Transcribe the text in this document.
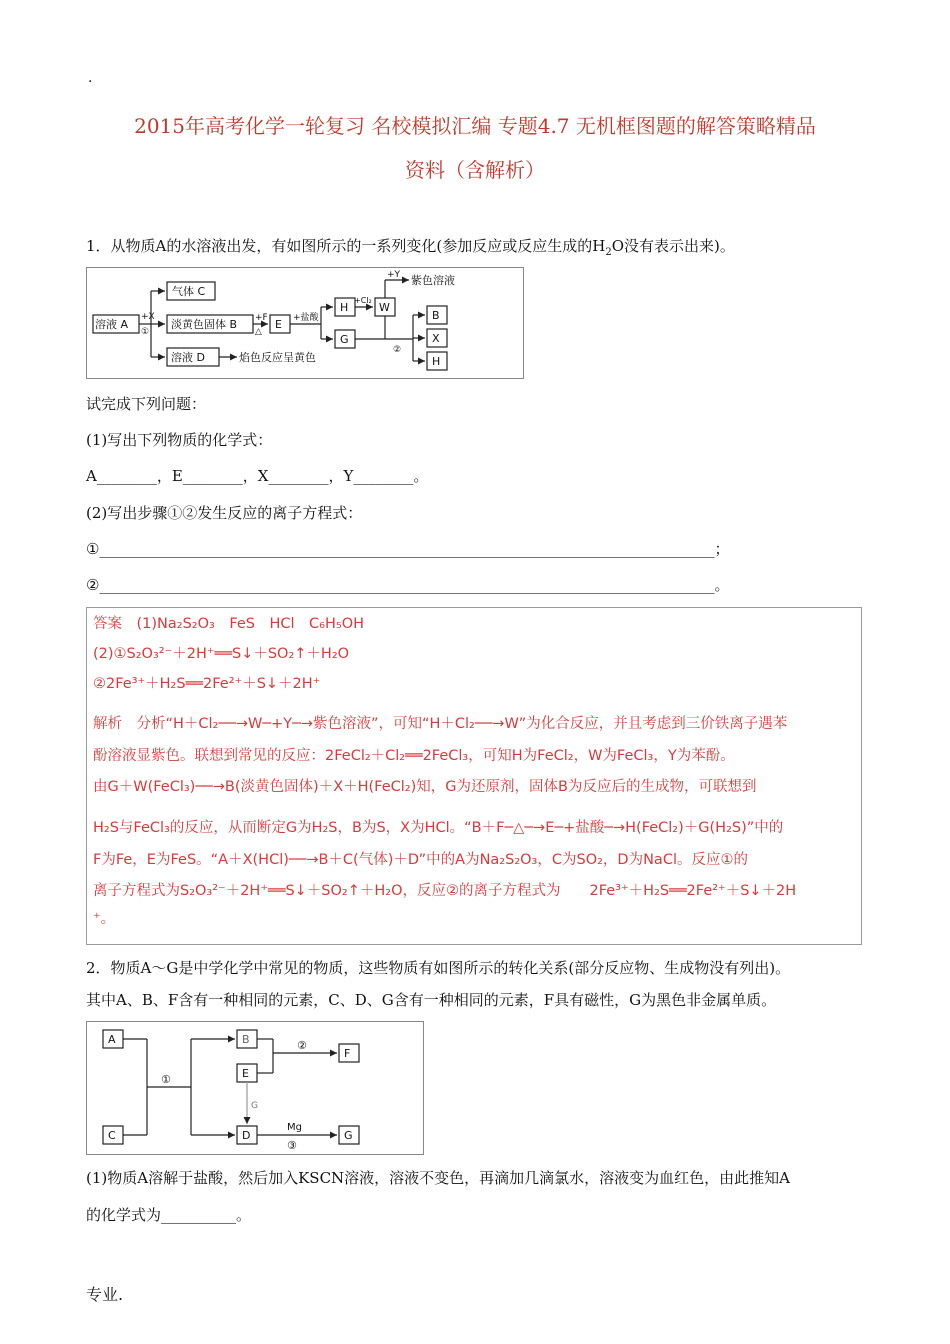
.
2015年高考化学一轮复习 名校模拟汇编 专题4.7 无机框图题的解答策略精品
资料（含解析）
1．从物质A的水溶液出发，有如图所示的一系列变化(参加反应或反应生成的$H_2O$没有表示出来)。
溶液 A
+X
①
气体 C
淡黄色固体 B
溶液 D	焰色反应呈黄色
+F
△
E +盐酸
H
+Cl₂
W
+Y 紫色溶液
G
②
B
X
H
试完成下列问题：
(1)写出下列物质的化学式：
A________，E________，X________，Y________。
(2)写出步骤①②发生反应的离子方程式：
①__________________________________________________________________________________；
②__________________________________________________________________________________。
答案　(1)Na₂S₂O₃　FeS　HCl　C₆H₅OH
(2)①S₂O₃²⁻＋2H⁺══S↓＋SO₂↑＋H₂O
②2Fe³⁺＋H₂S══2Fe²⁺＋S↓＋2H⁺
解析　分析“H＋Cl₂──→W─+Y─→紫色溶液”，可知“H＋Cl₂──→W”为化合反应，并且考虑到三价铁离子遇苯
酚溶液显紫色。联想到常见的反应：2FeCl₂＋Cl₂══2FeCl₃，可知H为FeCl₂，W为FeCl₃，Y为苯酚。
由G＋W(FeCl₃)──→B(淡黄色固体)＋X＋H(FeCl₂)知，G为还原剂，固体B为反应后的生成物，可联想到
H₂S与FeCl₃的反应，从而断定G为H₂S，B为S，X为HCl。“B＋F─△─→E─+盐酸─→H(FeCl₂)＋G(H₂S)”中的
F为Fe，E为FeS。“A＋X(HCl)──→B＋C(气体)＋D”中的A为Na₂S₂O₃，C为SO₂，D为NaCl。反应①的
离子方程式为S₂O₃²⁻＋2H⁺══S↓＋SO₂↑＋H₂O，反应②的离子方程式为　　2Fe³⁺＋H₂S══2Fe²⁺＋S↓＋2H
⁺。
2．物质A～G是中学化学中常见的物质，这些物质有如图所示的转化关系(部分反应物、生成物没有列出)。
其中A、B、F含有一种相同的元素，C、D、G含有一种相同的元素，F具有磁性，G为黑色非金属单质。
A
C
B
E
F
D	G
G
①
②
Mg
③
(1)物质A溶解于盐酸，然后加入KSCN溶液，溶液不变色，再滴加几滴氯水，溶液变为血红色，由此推知A
的化学式为__________。
专业.
